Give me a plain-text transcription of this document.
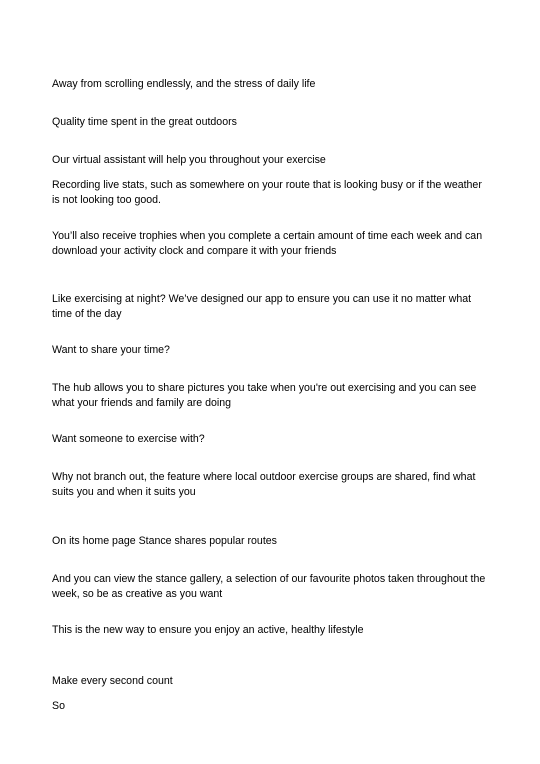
Away from scrolling endlessly, and the stress of daily life

Quality time spent in the great outdoors

Our virtual assistant will help you throughout your exercise

Recording live stats, such as somewhere on your route that is looking busy or if the weather is not looking too good.

You’ll also receive trophies when you complete a certain amount of time each week and can download your activity clock and compare it with your friends

Like exercising at night? We’ve designed our app to ensure you can use it no matter what time of the day

Want to share your time?

The hub allows you to share pictures you take when you're out exercising and you can see what your friends and family are doing

Want someone to exercise with?

Why not branch out, the feature where local outdoor exercise groups are shared, find what suits you and when it suits you

On its home page Stance shares popular routes

And you can view the stance gallery, a selection of our favourite photos taken throughout the week, so be as creative as you want

This is the new way to ensure you enjoy an active, healthy lifestyle

Make every second count

So
